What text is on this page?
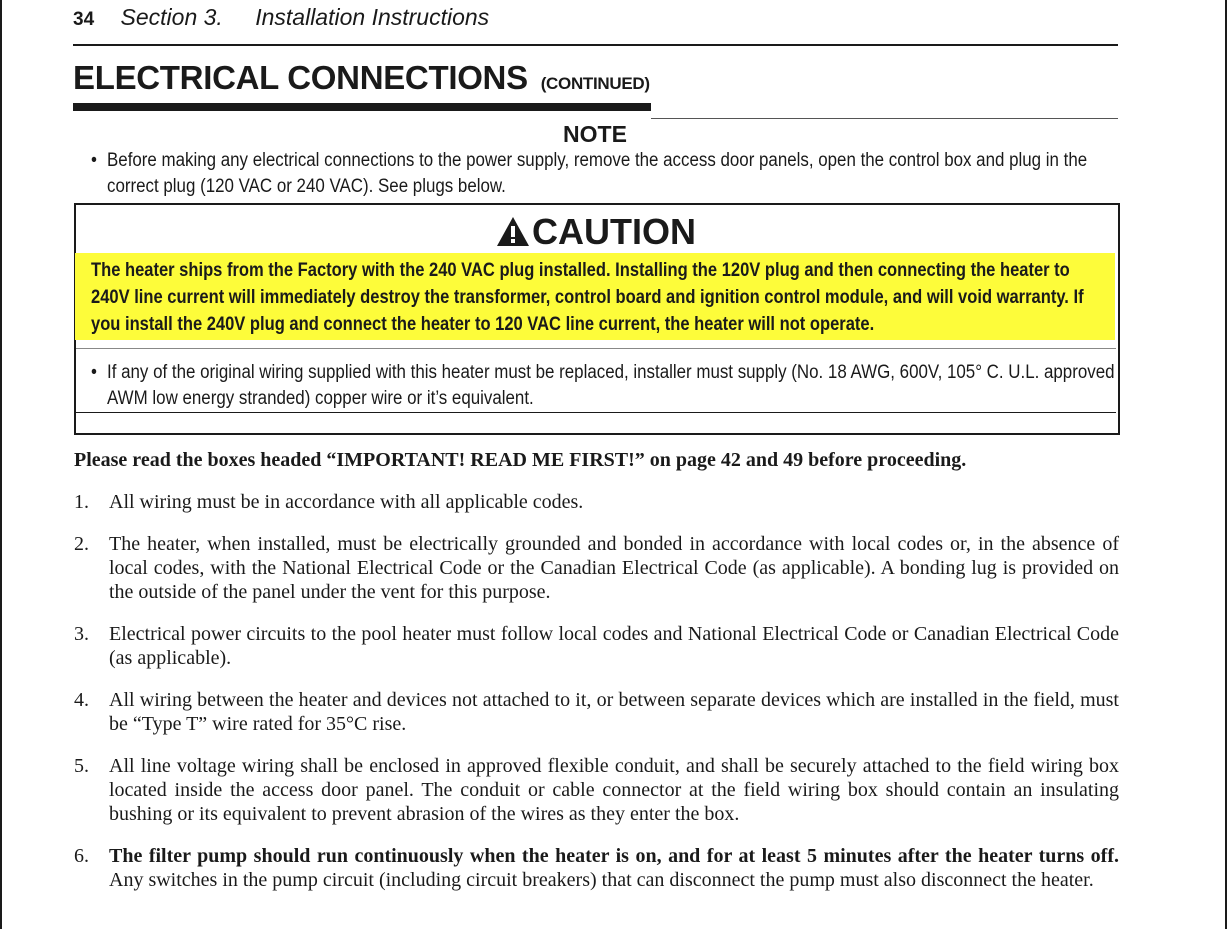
34 Section 3. Installation Instructions
ELECTRICAL CONNECTIONS (CONTINUED)
NOTE
• Before making any electrical connections to the power supply, remove the access door panels, open the control box and plug in the correct plug (120 VAC or 240 VAC). See plugs below.
CAUTION
The heater ships from the Factory with the 240 VAC plug installed. Installing the 120V plug and then connecting the heater to 240V line current will immediately destroy the transformer, control board and ignition control module, and will void warranty. If you install the 240V plug and connect the heater to 120 VAC line current, the heater will not operate.
• If any of the original wiring supplied with this heater must be replaced, installer must supply (No. 18 AWG, 600V, 105° C. U.L. approved AWM low energy stranded) copper wire or it’s equivalent.
Please read the boxes headed “IMPORTANT! READ ME FIRST!” on page 42 and 49 before proceeding.
1. All wiring must be in accordance with all applicable codes.
2. The heater, when installed, must be electrically grounded and bonded in accordance with local codes or, in the absence of local codes, with the National Electrical Code or the Canadian Electrical Code (as applicable). A bonding lug is provided on the outside of the panel under the vent for this purpose.
3. Electrical power circuits to the pool heater must follow local codes and National Electrical Code or Canadian Electrical Code (as applicable).
4. All wiring between the heater and devices not attached to it, or between separate devices which are installed in the field, must be “Type T” wire rated for 35°C rise.
5. All line voltage wiring shall be enclosed in approved flexible conduit, and shall be securely attached to the field wiring box located inside the access door panel. The conduit or cable connector at the field wiring box should contain an insulating bushing or its equivalent to prevent abrasion of the wires as they enter the box.
6. The filter pump should run continuously when the heater is on, and for at least 5 minutes after the heater turns off. Any switches in the pump circuit (including circuit breakers) that can disconnect the pump must also disconnect the heater.
